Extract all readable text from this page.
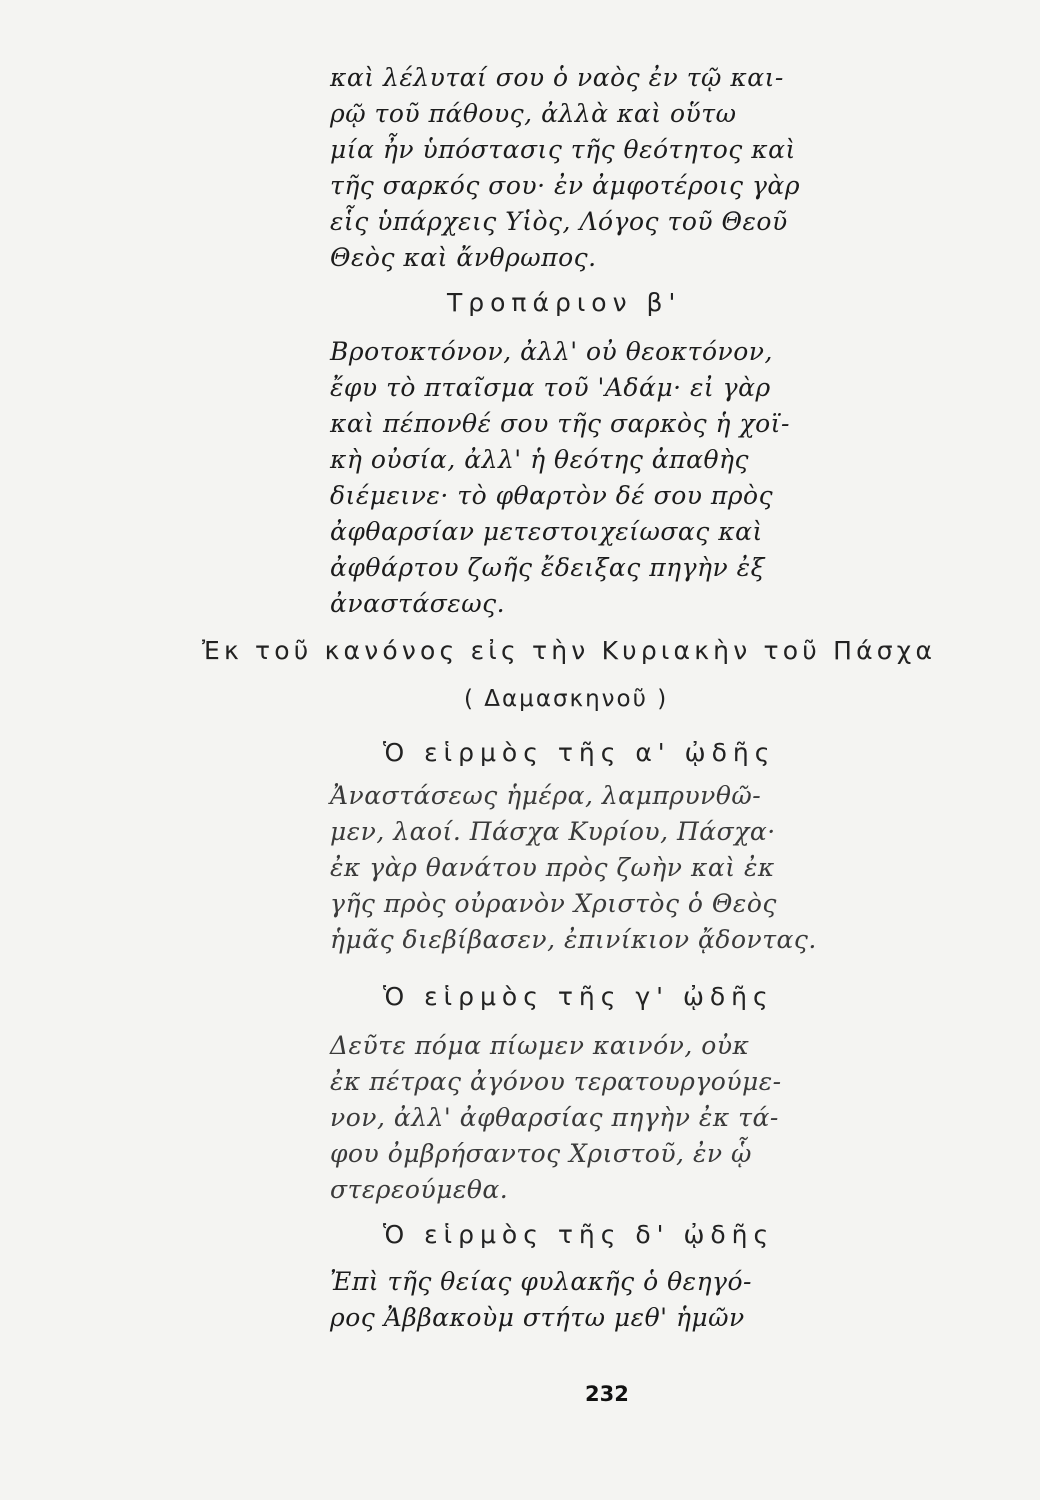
καὶ λέλυταί σου ὁ ναὸς ἐν τῷ και-
ρῷ τοῦ πάθους, ἀλλὰ καὶ οὕτω
μία ἦν ὑπόστασις τῆς θεότητος καὶ
τῆς σαρκός σου· ἐν ἀμφοτέροις γὰρ
εἷς ὑπάρχεις Υἱὸς, Λόγος τοῦ Θεοῦ
Θεὸς καὶ ἄνθρωπος.

Τροπάριον β'

Βροτοκτόνον, ἀλλ' οὐ θεοκτόνον,
ἔφυ τὸ πταῖσμα τοῦ 'Αδάμ· εἰ γὰρ
καὶ πέπονθέ σου τῆς σαρκὸς ἡ χοϊ-
κὴ οὐσία, ἀλλ' ἡ θεότης ἀπαθὴς
διέμεινε· τὸ φθαρτὸν δέ σου πρὸς
ἀφθαρσίαν μετεστοιχείωσας καὶ
ἀφθάρτου ζωῆς ἔδειξας πηγὴν ἐξ
ἀναστάσεως.

Ἐκ τοῦ κανόνος εἰς τὴν Κυριακὴν τοῦ Πάσχα
( Δαμασκηνοῦ )
Ὁ εἱρμὸς τῆς α' ᾠδῆς

Ἀναστάσεως ἡμέρα, λαμπρυνθῶ-
μεν, λαοί. Πάσχα Κυρίου, Πάσχα·
ἐκ γὰρ θανάτου πρὸς ζωὴν καὶ ἐκ
γῆς πρὸς οὐρανὸν Χριστὸς ὁ Θεὸς
ἡμᾶς διεβίβασεν, ἐπινίκιον ᾄδοντας.

Ὁ εἱρμὸς τῆς γ' ᾠδῆς

Δεῦτε πόμα πίωμεν καινόν, οὐκ
ἐκ πέτρας ἀγόνου τερατουργούμε-
νον, ἀλλ' ἀφθαρσίας πηγὴν ἐκ τά-
φου ὀμβρήσαντος Χριστοῦ, ἐν ᾧ
στερεούμεθα.

Ὁ εἱρμὸς τῆς δ' ᾠδῆς

Ἐπὶ τῆς θείας φυλακῆς ὁ θεηγό-
ρος Ἀββακοὺμ στήτω μεθ' ἡμῶν

232
